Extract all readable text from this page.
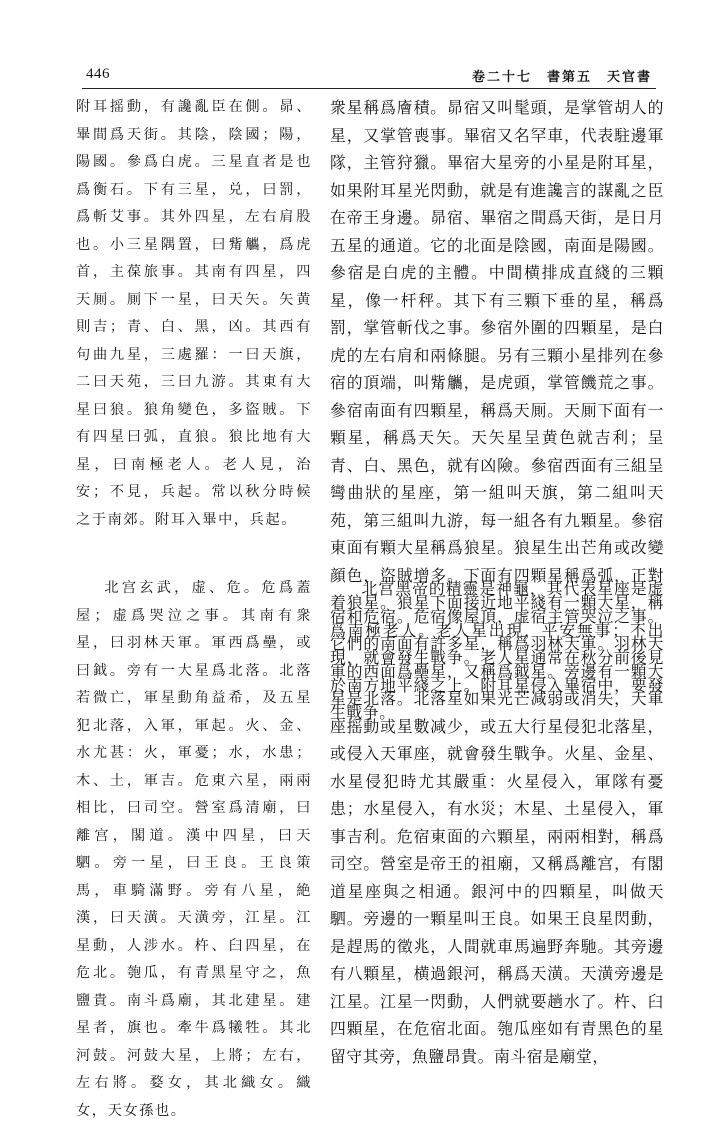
446	卷二十七　書第五　天官書

附耳摇動，有讒亂臣在側。昴、畢間爲天街。其陰，陰國；陽，陽國。參爲白虎。三星直者是也爲衡石。下有三星，兑，曰罰，爲斬艾事。其外四星，左右肩股也。小三星隅置，曰觜觿，爲虎首，主葆旅事。其南有四星，四天厠。厠下一星，曰天矢。矢黄則吉；青、白、黑，凶。其西有句曲九星，三處羅：一曰天旗，二曰天苑，三曰九游。其東有大星曰狼。狼角變色，多盜賊。下有四星曰弧，直狼。狼比地有大星，曰南極老人。老人見，治安；不見，兵起。常以秋分時候之于南郊。附耳入畢中，兵起。

北宫玄武，虚、危。危爲蓋屋；虚爲哭泣之事。其南有衆星，曰羽林天軍。軍西爲壘，或曰鉞。旁有一大星爲北落。北落若微亡，軍星動角益希，及五星犯北落，入軍，軍起。火、金、水尤甚：火，軍憂；水，水患；木、土，軍吉。危東六星，兩兩相比，曰司空。營室爲清廟，曰離宫，閣道。漢中四星，曰天駟。旁一星，曰王良。王良策馬，車騎滿野。旁有八星，絶漢，曰天潢。天潢旁，江星。江星動，人涉水。杵、臼四星，在危北。匏瓜，有青黑星守之，魚鹽貴。南斗爲廟，其北建星。建星者，旗也。牽牛爲犧牲。其北河鼓。河鼓大星，上將；左右，左右將。婺女，其北織女。織女，天女孫也。

衆星稱爲廥積。昴宿又叫髦頭，是掌管胡人的星，又掌管喪事。畢宿又名罕車，代表駐邊軍隊，主管狩獵。畢宿大星旁的小星是附耳星，如果附耳星光閃動，就是有進讒言的謀亂之臣在帝王身邊。昴宿、畢宿之間爲天街，是日月五星的通道。它的北面是陰國，南面是陽國。參宿是白虎的主體。中間横排成直綫的三顆星，像一杆秤。其下有三顆下垂的星，稱爲罰，掌管斬伐之事。參宿外圍的四顆星，是白虎的左右肩和兩條腿。另有三顆小星排列在參宿的頂端，叫觜觿，是虎頭，掌管饑荒之事。參宿南面有四顆星，稱爲天厠。天厠下面有一顆星，稱爲天矢。天矢星呈黄色就吉利；呈青、白、黑色，就有凶險。參宿西面有三組呈彎曲狀的星座，第一組叫天旗，第二組叫天苑，第三組叫九游，每一組各有九顆星。參宿東面有顆大星稱爲狼星。狼星生出芒角或改變顔色，盜賊增多。下面有四顆星稱爲弧，正對着狼星。狼星下面接近地平綫有一顆大星，稱爲南極老人。老人星出現，平安無事；不出現，就會發生戰争。老人星通常在秋分前後見於南方地平綫之上。附耳星侵入畢宿中，要發生戰争。

北宫黑帝的精靈是神龜，其代表星座是虚宿和危宿。危宿像屋頂，虚宿主管哭泣之事。它們的南面有許多星，稱爲羽林天軍。羽林天軍的西面爲壘星，又稱爲鉞星。旁邊有一顆大星是北落。北落星如果光芒减弱或消失，天軍座摇動或星數减少，或五大行星侵犯北落星，或侵入天軍座，就會發生戰争。火星、金星、水星侵犯時尤其嚴重：火星侵入，軍隊有憂患；水星侵入，有水災；木星、土星侵入，軍事吉利。危宿東面的六顆星，兩兩相對，稱爲司空。營室是帝王的祖廟，又稱爲離宫，有閣道星座與之相通。銀河中的四顆星，叫做天駟。旁邊的一顆星叫王良。如果王良星閃動，是趕馬的徵兆，人間就車馬遍野奔馳。其旁邊有八顆星，横過銀河，稱爲天潢。天潢旁邊是江星。江星一閃動，人們就要趟水了。杵、臼四顆星，在危宿北面。匏瓜座如有青黑色的星留守其旁，魚鹽昂貴。南斗宿是廟堂，
